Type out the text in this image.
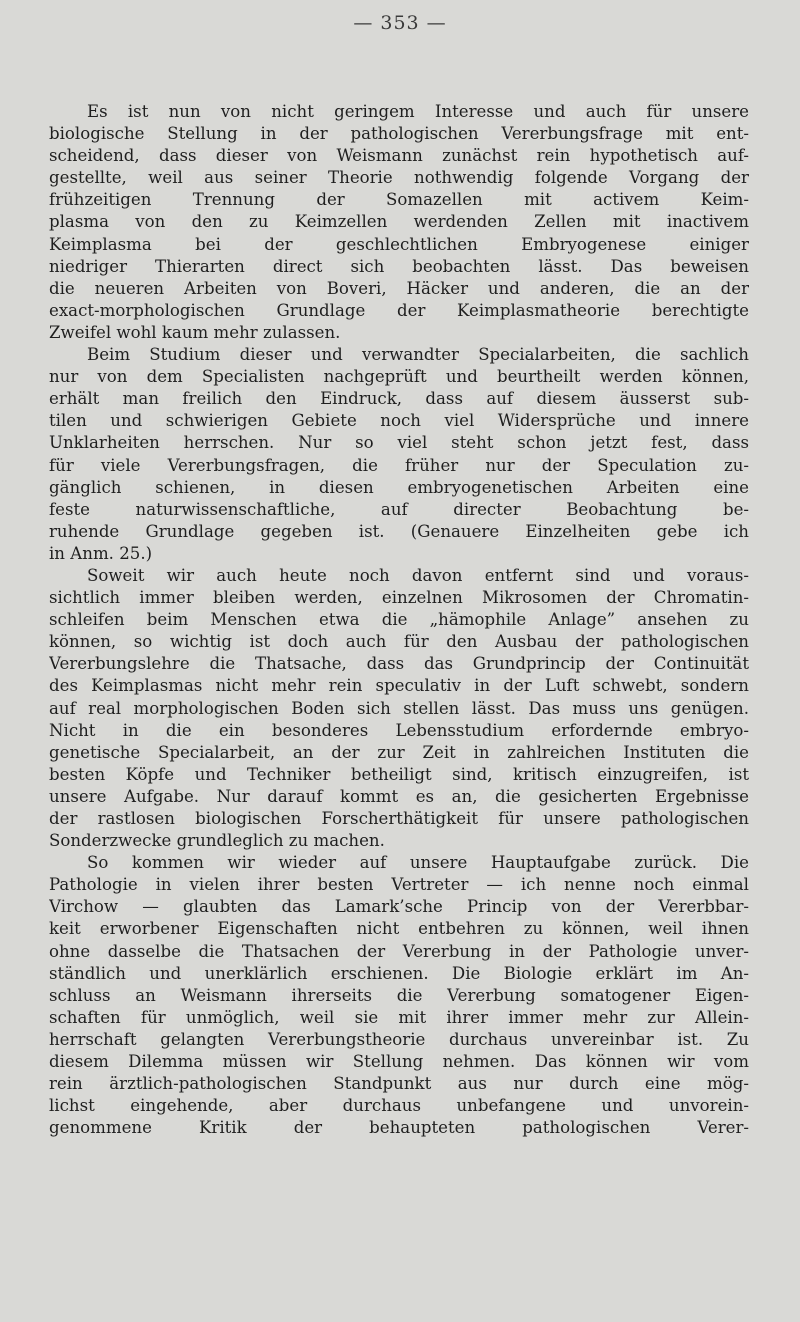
— 353 —
Es ist nun von nicht geringem Interesse und auch für unsere
biologische Stellung in der pathologischen Vererbungsfrage mit ent-
scheidend, dass dieser von Weismann zunächst rein hypothetisch auf-
gestellte, weil aus seiner Theorie nothwendig folgende Vorgang der
frühzeitigen Trennung der Somazellen mit activem Keim-
plasma von den zu Keimzellen werdenden Zellen mit inactivem
Keimplasma bei der geschlechtlichen Embryogenese einiger
niedriger Thierarten direct sich beobachten lässt. Das beweisen
die neueren Arbeiten von Boveri, Häcker und anderen, die an der
exact-morphologischen Grundlage der Keimplasmatheorie berechtigte
Zweifel wohl kaum mehr zulassen.
Beim Studium dieser und verwandter Specialarbeiten, die sachlich
nur von dem Specialisten nachgeprüft und beurtheilt werden können,
erhält man freilich den Eindruck, dass auf diesem äusserst sub-
tilen und schwierigen Gebiete noch viel Widersprüche und innere
Unklarheiten herrschen. Nur so viel steht schon jetzt fest, dass
für viele Vererbungsfragen, die früher nur der Speculation zu-
gänglich schienen, in diesen embryogenetischen Arbeiten eine
feste naturwissenschaftliche, auf directer Beobachtung be-
ruhende Grundlage gegeben ist. (Genauere Einzelheiten gebe ich
in Anm. 25.)
Soweit wir auch heute noch davon entfernt sind und voraus-
sichtlich immer bleiben werden, einzelnen Mikrosomen der Chromatin-
schleifen beim Menschen etwa die „hämophile Anlage” ansehen zu
können, so wichtig ist doch auch für den Ausbau der pathologischen
Vererbungslehre die Thatsache, dass das Grundprincip der Continuität
des Keimplasmas nicht mehr rein speculativ in der Luft schwebt, sondern
auf real morphologischen Boden sich stellen lässt. Das muss uns genügen.
Nicht in die ein besonderes Lebensstudium erfordernde embryo-
genetische Specialarbeit, an der zur Zeit in zahlreichen Instituten die
besten Köpfe und Techniker betheiligt sind, kritisch einzugreifen, ist
unsere Aufgabe. Nur darauf kommt es an, die gesicherten Ergebnisse
der rastlosen biologischen Forscherthätigkeit für unsere pathologischen
Sonderzwecke grundleglich zu machen.
So kommen wir wieder auf unsere Hauptaufgabe zurück. Die
Pathologie in vielen ihrer besten Vertreter — ich nenne noch einmal
Virchow — glaubten das Lamark’sche Princip von der Vererbbar-
keit erworbener Eigenschaften nicht entbehren zu können, weil ihnen
ohne dasselbe die Thatsachen der Vererbung in der Pathologie unver-
ständlich und unerklärlich erschienen. Die Biologie erklärt im An-
schluss an Weismann ihrerseits die Vererbung somatogener Eigen-
schaften für unmöglich, weil sie mit ihrer immer mehr zur Allein-
herrschaft gelangten Vererbungstheorie durchaus unvereinbar ist. Zu
diesem Dilemma müssen wir Stellung nehmen. Das können wir vom
rein ärztlich-pathologischen Standpunkt aus nur durch eine mög-
lichst eingehende, aber durchaus unbefangene und unvorein-
genommene Kritik der behaupteten pathologischen Verer-
